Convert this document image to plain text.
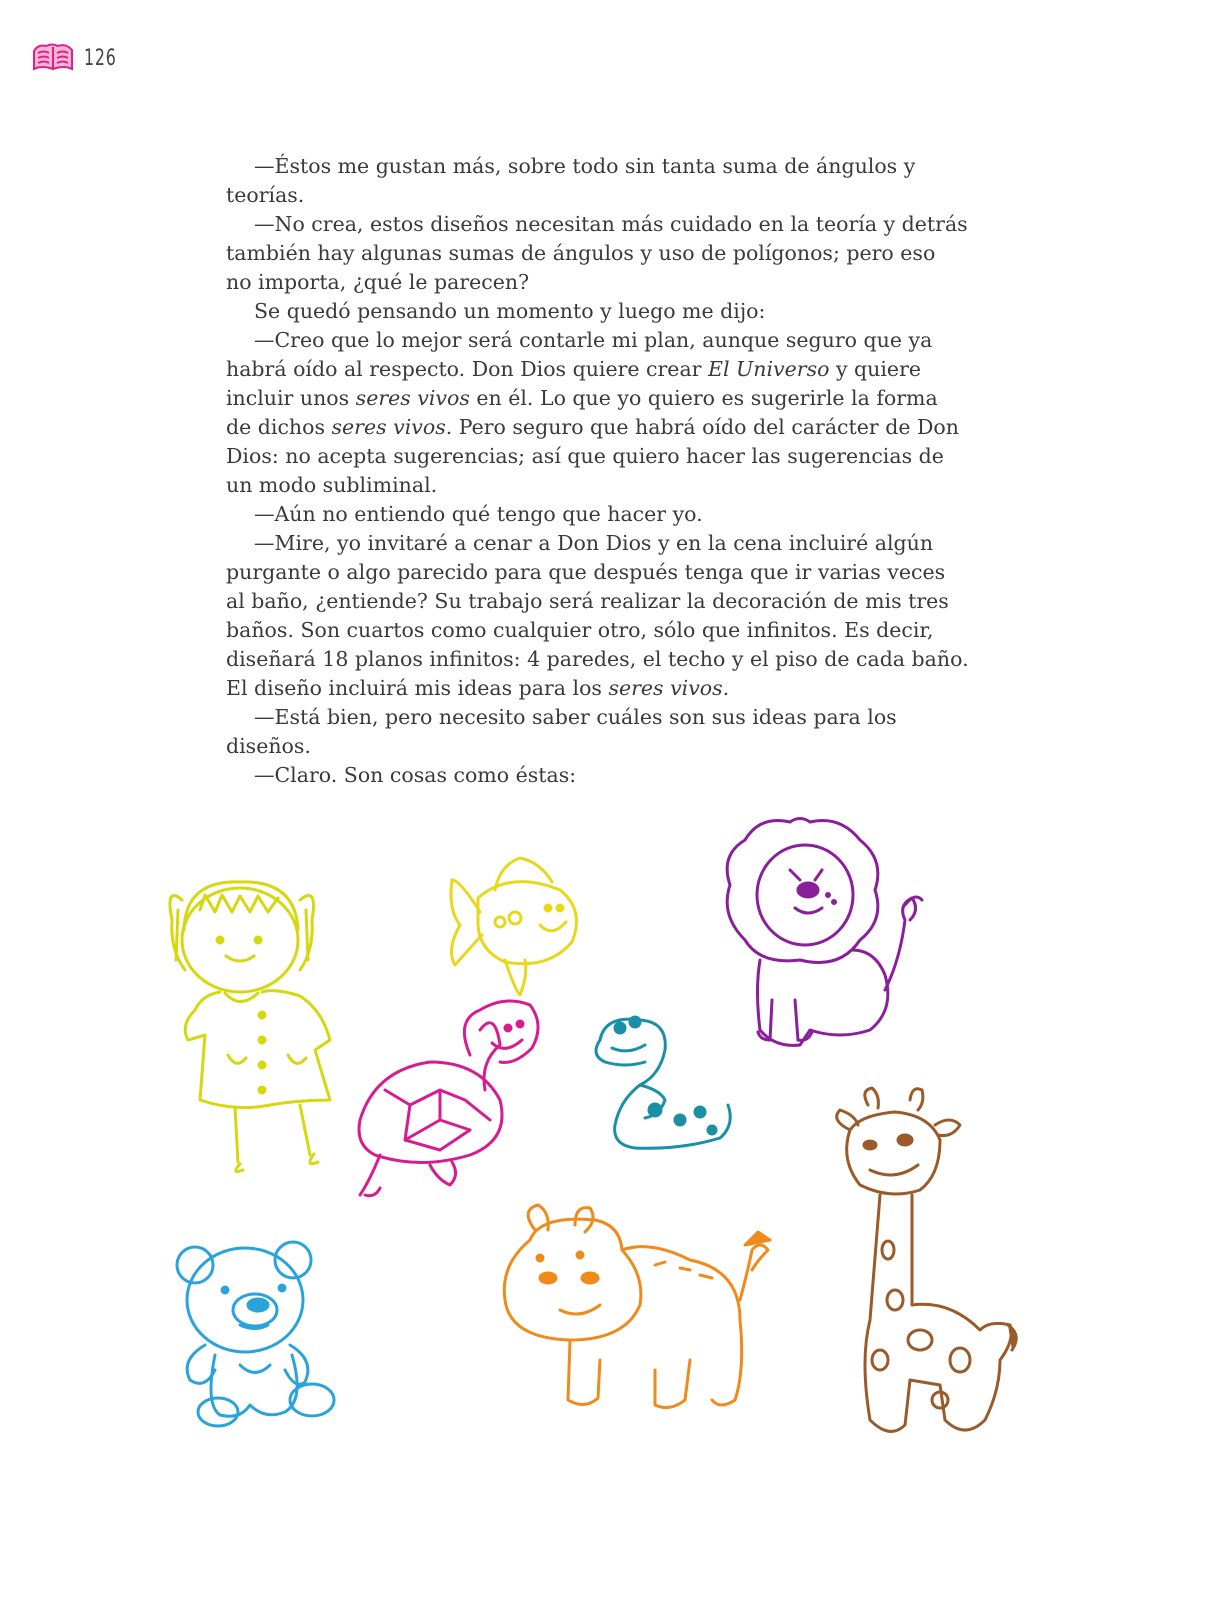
126

—Éstos me gustan más, sobre todo sin tanta suma de ángulos y

teorías.

—No crea, estos diseños necesitan más cuidado en la teoría y detrás

también hay algunas sumas de ángulos y uso de polígonos; pero eso

no importa, ¿qué le parecen?

Se quedó pensando un momento y luego me dijo:

—Creo que lo mejor será contarle mi plan, aunque seguro que ya

habrá oído al respecto. Don Dios quiere crear El Universo y quiere

incluir unos seres vivos en él. Lo que yo quiero es sugerirle la forma

de dichos seres vivos. Pero seguro que habrá oído del carácter de Don

Dios: no acepta sugerencias; así que quiero hacer las sugerencias de

un modo subliminal.

—Aún no entiendo qué tengo que hacer yo.

—Mire, yo invitaré a cenar a Don Dios y en la cena incluiré algún

purgante o algo parecido para que después tenga que ir varias veces

al baño, ¿entiende? Su trabajo será realizar la decoración de mis tres

baños. Son cuartos como cualquier otro, sólo que infinitos. Es decir,

diseñará 18 planos infinitos: 4 paredes, el techo y el piso de cada baño.

El diseño incluirá mis ideas para los seres vivos.

—Está bien, pero necesito saber cuáles son sus ideas para los

diseños.

—Claro. Son cosas como éstas:
